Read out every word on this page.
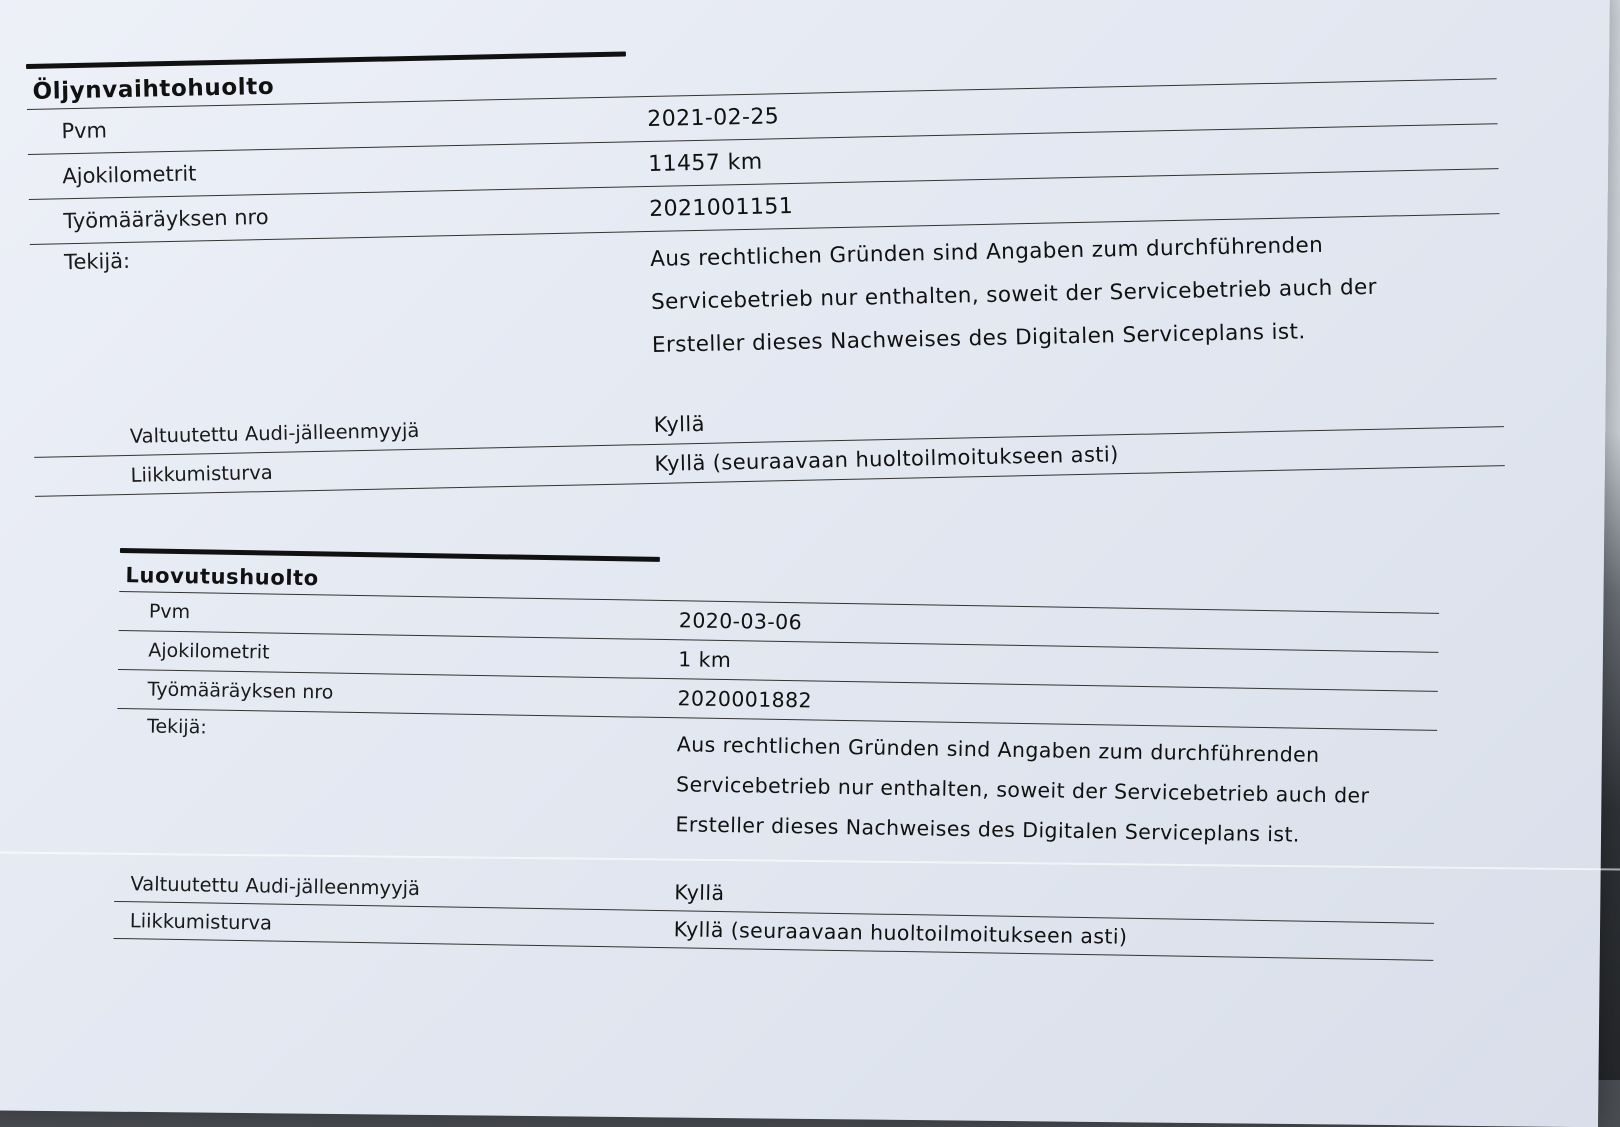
Öljynvaihtohuolto
Pvm	2021-02-25
Ajokilometrit	11457 km
Työmääräyksen nro	2021001151
Tekijä:	Aus rechtlichen Gründen sind Angaben zum durchführenden
Servicebetrieb nur enthalten, soweit der Servicebetrieb auch der
Ersteller dieses Nachweises des Digitalen Serviceplans ist.
Valtuutettu Audi-jälleenmyyjä	Kyllä
Liikkumisturva	Kyllä (seuraavaan huoltoilmoitukseen asti)
Luovutushuolto
Pvm	2020-03-06
Ajokilometrit	1 km
Työmääräyksen nro	2020001882
Tekijä:
Aus rechtlichen Gründen sind Angaben zum durchführenden
Servicebetrieb nur enthalten, soweit der Servicebetrieb auch der
Ersteller dieses Nachweises des Digitalen Serviceplans ist.
Valtuutettu Audi-jälleenmyyjä	Kyllä
Liikkumisturva	Kyllä (seuraavaan huoltoilmoitukseen asti)
